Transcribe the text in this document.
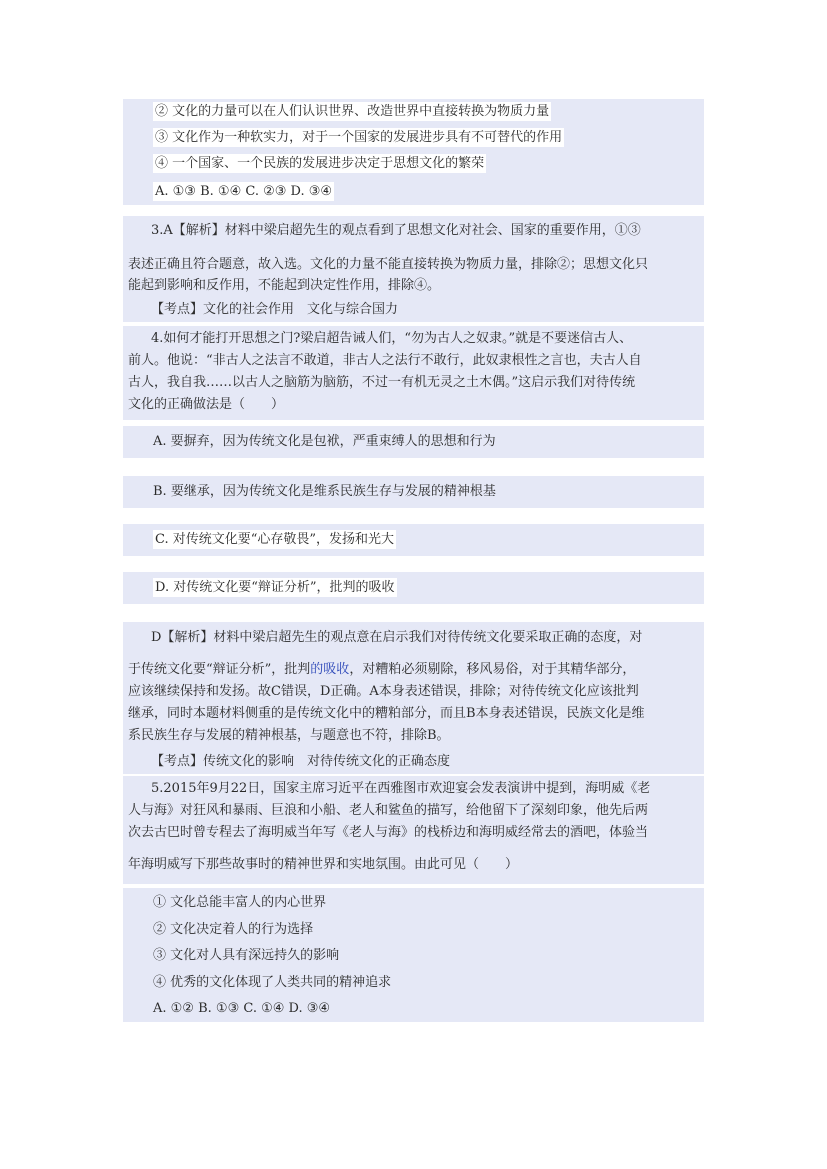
② 文化的力量可以在人们认识世界、改造世界中直接转换为物质力量
③ 文化作为一种软实力，对于一个国家的发展进步具有不可替代的作用
④ 一个国家、一个民族的发展进步决定于思想文化的繁荣
A. ①③ B. ①④ C. ②③ D. ③④
3.A【解析】材料中梁启超先生的观点看到了思想文化对社会、国家的重要作用，①③
表述正确且符合题意，故入选。文化的力量不能直接转换为物质力量，排除②；思想文化只
能起到影响和反作用，不能起到决定性作用，排除④。
【考点】文化的社会作用　文化与综合国力
4.如何才能打开思想之门?梁启超告诫人们，“勿为古人之奴隶。”就是不要迷信古人、
前人。他说：“非古人之法言不敢道，非古人之法行不敢行，此奴隶根性之言也，夫古人自
古人，我自我……以古人之脑筋为脑筋，不过一有机无灵之土木偶。”这启示我们对待传统
文化的正确做法是（　　）
A. 要摒弃，因为传统文化是包袱，严重束缚人的思想和行为
B. 要继承，因为传统文化是维系民族生存与发展的精神根基
C. 对传统文化要“心存敬畏”，发扬和光大
D. 对传统文化要“辩证分析”，批判的吸收
D【解析】材料中梁启超先生的观点意在启示我们对待传统文化要采取正确的态度，对
于传统文化要“辩证分析”，批判的吸收，对糟粕必须剔除，移风易俗，对于其精华部分，
应该继续保持和发扬。故C错误，D正确。A本身表述错误，排除；对待传统文化应该批判
继承，同时本题材料侧重的是传统文化中的糟粕部分，而且B本身表述错误，民族文化是维
系民族生存与发展的精神根基，与题意也不符，排除B。
【考点】传统文化的影响　对待传统文化的正确态度
5.2015年9月22日，国家主席习近平在西雅图市欢迎宴会发表演讲中提到，海明威《老
人与海》对狂风和暴雨、巨浪和小船、老人和鲨鱼的描写，给他留下了深刻印象，他先后两
次去古巴时曾专程去了海明威当年写《老人与海》的栈桥边和海明威经常去的酒吧，体验当
年海明威写下那些故事时的精神世界和实地氛围。由此可见（　　）
① 文化总能丰富人的内心世界
② 文化决定着人的行为选择
③ 文化对人具有深远持久的影响
④ 优秀的文化体现了人类共同的精神追求
A. ①② B. ①③ C. ①④ D. ③④
